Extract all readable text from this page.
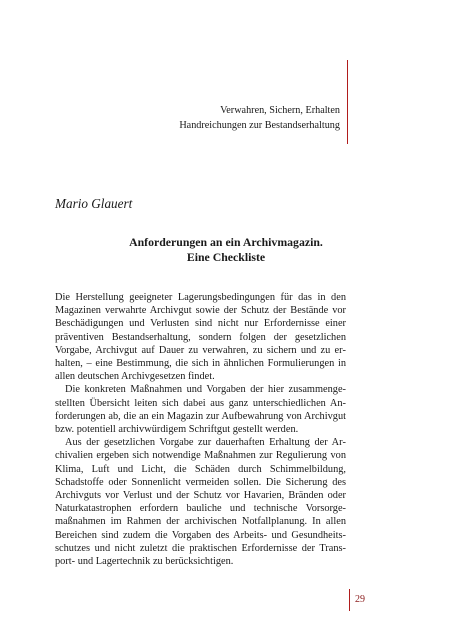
Verwahren, Sichern, Erhalten
Handreichungen zur Bestandserhaltung
Mario Glauert
Anforderungen an ein Archivmagazin.
Eine Checkliste

Die Herstellung geeigneter Lagerungsbedingungen für das in den Magazinen verwahrte Archivgut sowie der Schutz der Bestände vor Beschädigungen und Verlusten sind nicht nur Erfordernisse einer präventiven Bestandserhaltung, sondern folgen der gesetzlichen Vorgabe, Archivgut auf Dauer zu verwahren, zu sichern und zu erhalten, – eine Bestimmung, die sich in ähnlichen Formulierungen in allen deutschen Archivgesetzen findet.

Die konkreten Maßnahmen und Vorgaben der hier zusammengestellten Übersicht leiten sich dabei aus ganz unterschiedlichen Anforderungen ab, die an ein Magazin zur Aufbewahrung von Archivgut bzw. potentiell archivwürdigem Schriftgut gestellt werden.

Aus der gesetzlichen Vorgabe zur dauerhaften Erhaltung der Archivalien ergeben sich notwendige Maßnahmen zur Regulierung von Klima, Luft und Licht, die Schäden durch Schimmelbildung, Schadstoffe oder Sonnenlicht vermeiden sollen. Die Sicherung des Archivguts vor Verlust und der Schutz vor Havarien, Bränden oder Naturkatastrophen erfordern bauliche und technische Vorsorgemaßnahmen im Rahmen der archivischen Notfallplanung. In allen Bereichen sind zudem die Vorgaben des Arbeits- und Gesundheitsschutzes und nicht zuletzt die praktischen Erfordernisse der Transport- und Lagertechnik zu berücksichtigen.

29
